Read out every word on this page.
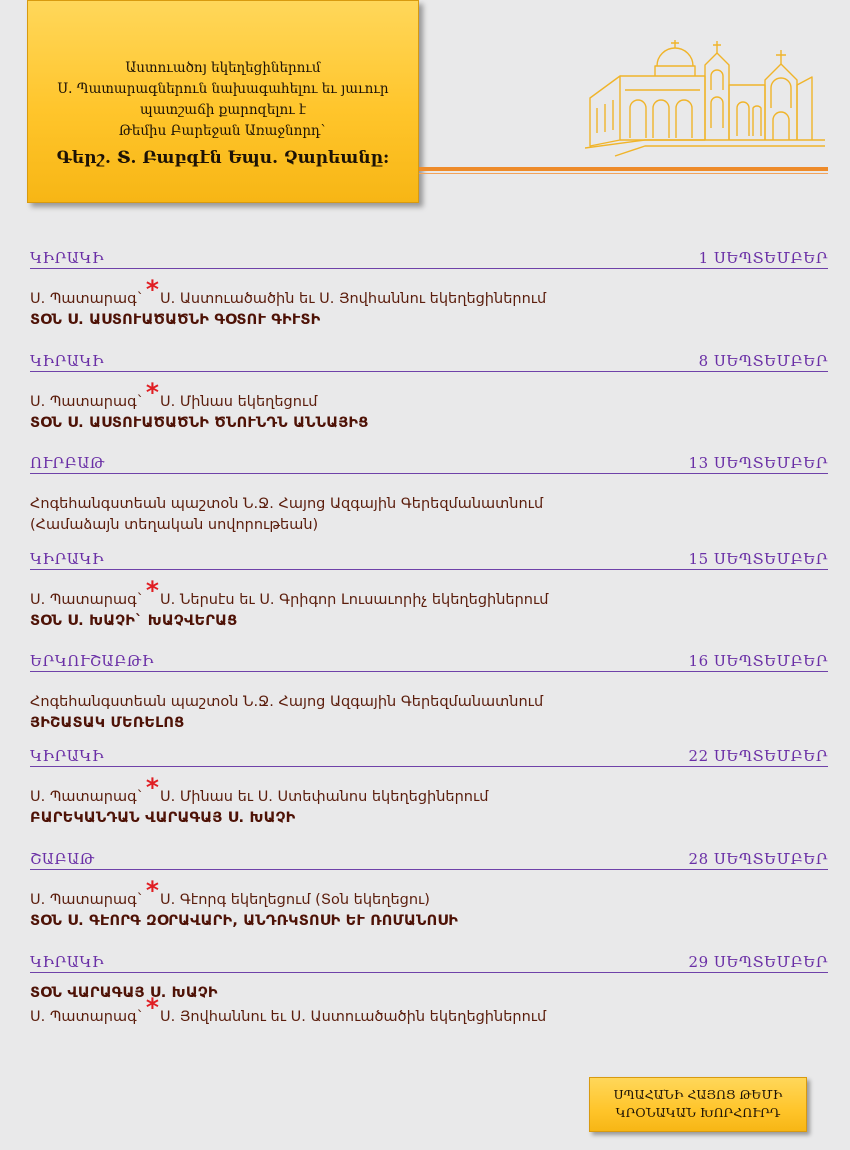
Աստուածոյ եկեղեցիներում
Ս. Պատարագներուն նախագահելու եւ յաւուր
պատշաճի քարոզելու է
Թեմիս Բարեջան Առաջնորդ`
Գերշ. Տ. Բաբգէն Եպս. Չարեանը:
ԿԻՐԱԿԻ	1 ՍԵՊՏԵՄԲԵՐ
Ս. Պատարագ`*Ս. Աստուածածին եւ Ս. Յովհաննու եկեղեցիներում
ՏՕՆ Ս. ԱՍՏՈՒԱԾԱԾՆԻ ԳՕՏՈՒ ԳԻՒՏԻ
ԿԻՐԱԿԻ	8 ՍԵՊՏԵՄԲԵՐ
Ս. Պատարագ`*Ս. Մինաս եկեղեցում
ՏՕՆ Ս. ԱՍՏՈՒԱԾԱԾՆԻ ԾՆՈՒՆԴՆ ԱՆՆԱՅԻՑ
ՈՒՐԲԱԹ	13 ՍԵՊՏԵՄԲԵՐ
Հոգեհանգստեան պաշտօն Ն.Ջ. Հայոց Ազգային Գերեզմանատնում
(Համաձայն տեղական սովորութեան)
ԿԻՐԱԿԻ	15 ՍԵՊՏԵՄԲԵՐ
Ս. Պատարագ`*Ս. Ներսէս եւ Ս. Գրիգոր Լուսաւորիչ եկեղեցիներում
ՏՕՆ Ս. ԽԱՉԻ` ԽԱՉՎԵՐԱՑ
ԵՐԿՈՒՇԱԲԹԻ	16 ՍԵՊՏԵՄԲԵՐ
Հոգեհանգստեան պաշտօն Ն.Ջ. Հայոց Ազգային Գերեզմանատնում
ՅԻՇԱՏԱԿ ՄԵՌԵԼՈՑ
ԿԻՐԱԿԻ	22 ՍԵՊՏԵՄԲԵՐ
Ս. Պատարագ`*Ս. Մինաս եւ Ս. Ստեփանոս եկեղեցիներում
ԲԱՐԵԿԱՆԴԱՆ ՎԱՐԱԳԱՅ Ս. ԽԱՉԻ
ՇԱԲԱԹ	28 ՍԵՊՏԵՄԲԵՐ
Ս. Պատարագ`*Ս. Գէորգ եկեղեցում (Տօն եկեղեցու)
ՏՕՆ Ս. ԳԷՈՐԳ ԶՕՐԱՎԱՐԻ, ԱՆԴՌԿՏՈՍԻ ԵՒ ՌՈՄԱՆՈՍԻ
ԿԻՐԱԿԻ	29 ՍԵՊՏԵՄԲԵՐ
ՏՕՆ ՎԱՐԱԳԱՅ Ս. ԽԱՉԻ
Ս. Պատարագ`*Ս. Յովհաննու եւ Ս. Աստուածածին եկեղեցիներում
ՍՊԱՀԱՆԻ ՀԱՅՈՑ ԹԵՄԻ
ԿՐՕՆԱԿԱՆ ԽՈՐՀՈՒՐԴ
